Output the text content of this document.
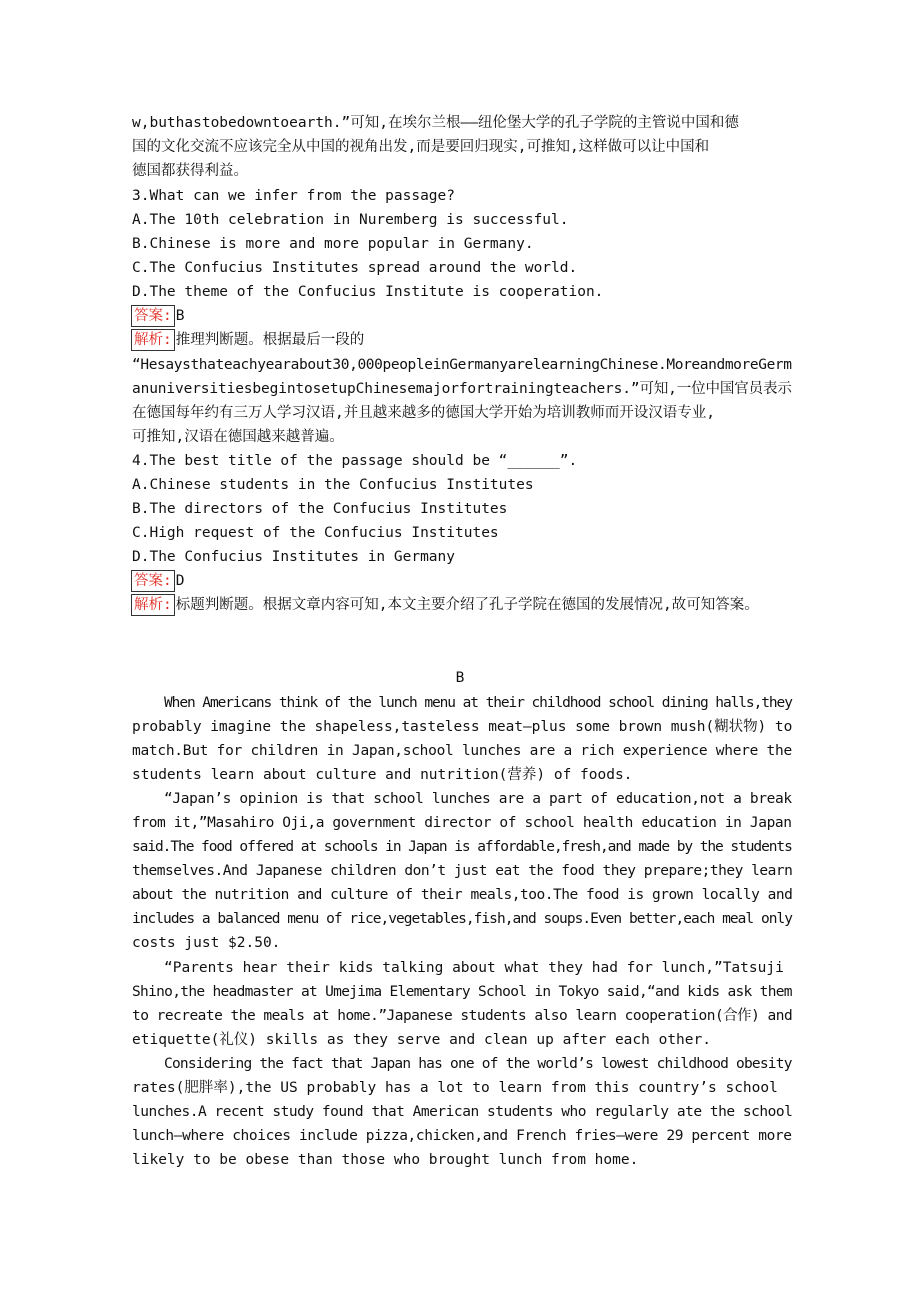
w,buthastobedowntoearth.”可知,在埃尔兰根——纽伦堡大学的孔子学院的主管说中国和德
国的文化交流不应该完全从中国的视角出发,而是要回归现实,可推知,这样做可以让中国和
德国都获得利益。
3.What can we infer from the passage?
A.The 10th celebration in Nuremberg is successful.
B.Chinese is more and more popular in Germany.
C.The Confucius Institutes spread around the world.
D.The theme of the Confucius Institute is cooperation.
答案: B
解析: 推理判断题。根据最后一段的
“Hesaysthateachyearabout30,000peopleinGermanyarelearningChinese.MoreandmoreGerm
anuniversitiesbegintosetupChinesemajorfortrainingteachers.”可知,一位中国官员表示
在德国每年约有三万人学习汉语,并且越来越多的德国大学开始为培训教师而开设汉语专业,
可推知,汉语在德国越来越普遍。
4.The best title of the passage should be “______”.
A.Chinese students in the Confucius Institutes
B.The directors of the Confucius Institutes
C.High request of the Confucius Institutes
D.The Confucius Institutes in Germany
答案: D
解析: 标题判断题。根据文章内容可知,本文主要介绍了孔子学院在德国的发展情况,故可知答案。
B
When Americans think of the lunch menu at their childhood school dining halls,they
probably imagine the shapeless,tasteless meat—plus some brown mush(糊状物) to
match.But for children in Japan,school lunches are a rich experience where the
students learn about culture and nutrition(营养) of foods.
“Japan’s opinion is that school lunches are a part of education,not a break
from it,”Masahiro Oji,a government director of school health education in Japan
said.The food offered at schools in Japan is affordable,fresh,and made by the students
themselves.And Japanese children don’t just eat the food they prepare;they learn
about the nutrition and culture of their meals,too.The food is grown locally and
includes a balanced menu of rice,vegetables,fish,and soups.Even better,each meal only
costs just $2.50.
“Parents hear their kids talking about what they had for lunch,”Tatsuji
Shino,the headmaster at Umejima Elementary School in Tokyo said,“and kids ask them
to recreate the meals at home.”Japanese students also learn cooperation(合作) and
etiquette(礼仪) skills as they serve and clean up after each other.
Considering the fact that Japan has one of the world’s lowest childhood obesity
rates(肥胖率),the US probably has a lot to learn from this country’s school
lunches.A recent study found that American students who regularly ate the school
lunch—where choices include pizza,chicken,and French fries—were 29 percent more
likely to be obese than those who brought lunch from home.
